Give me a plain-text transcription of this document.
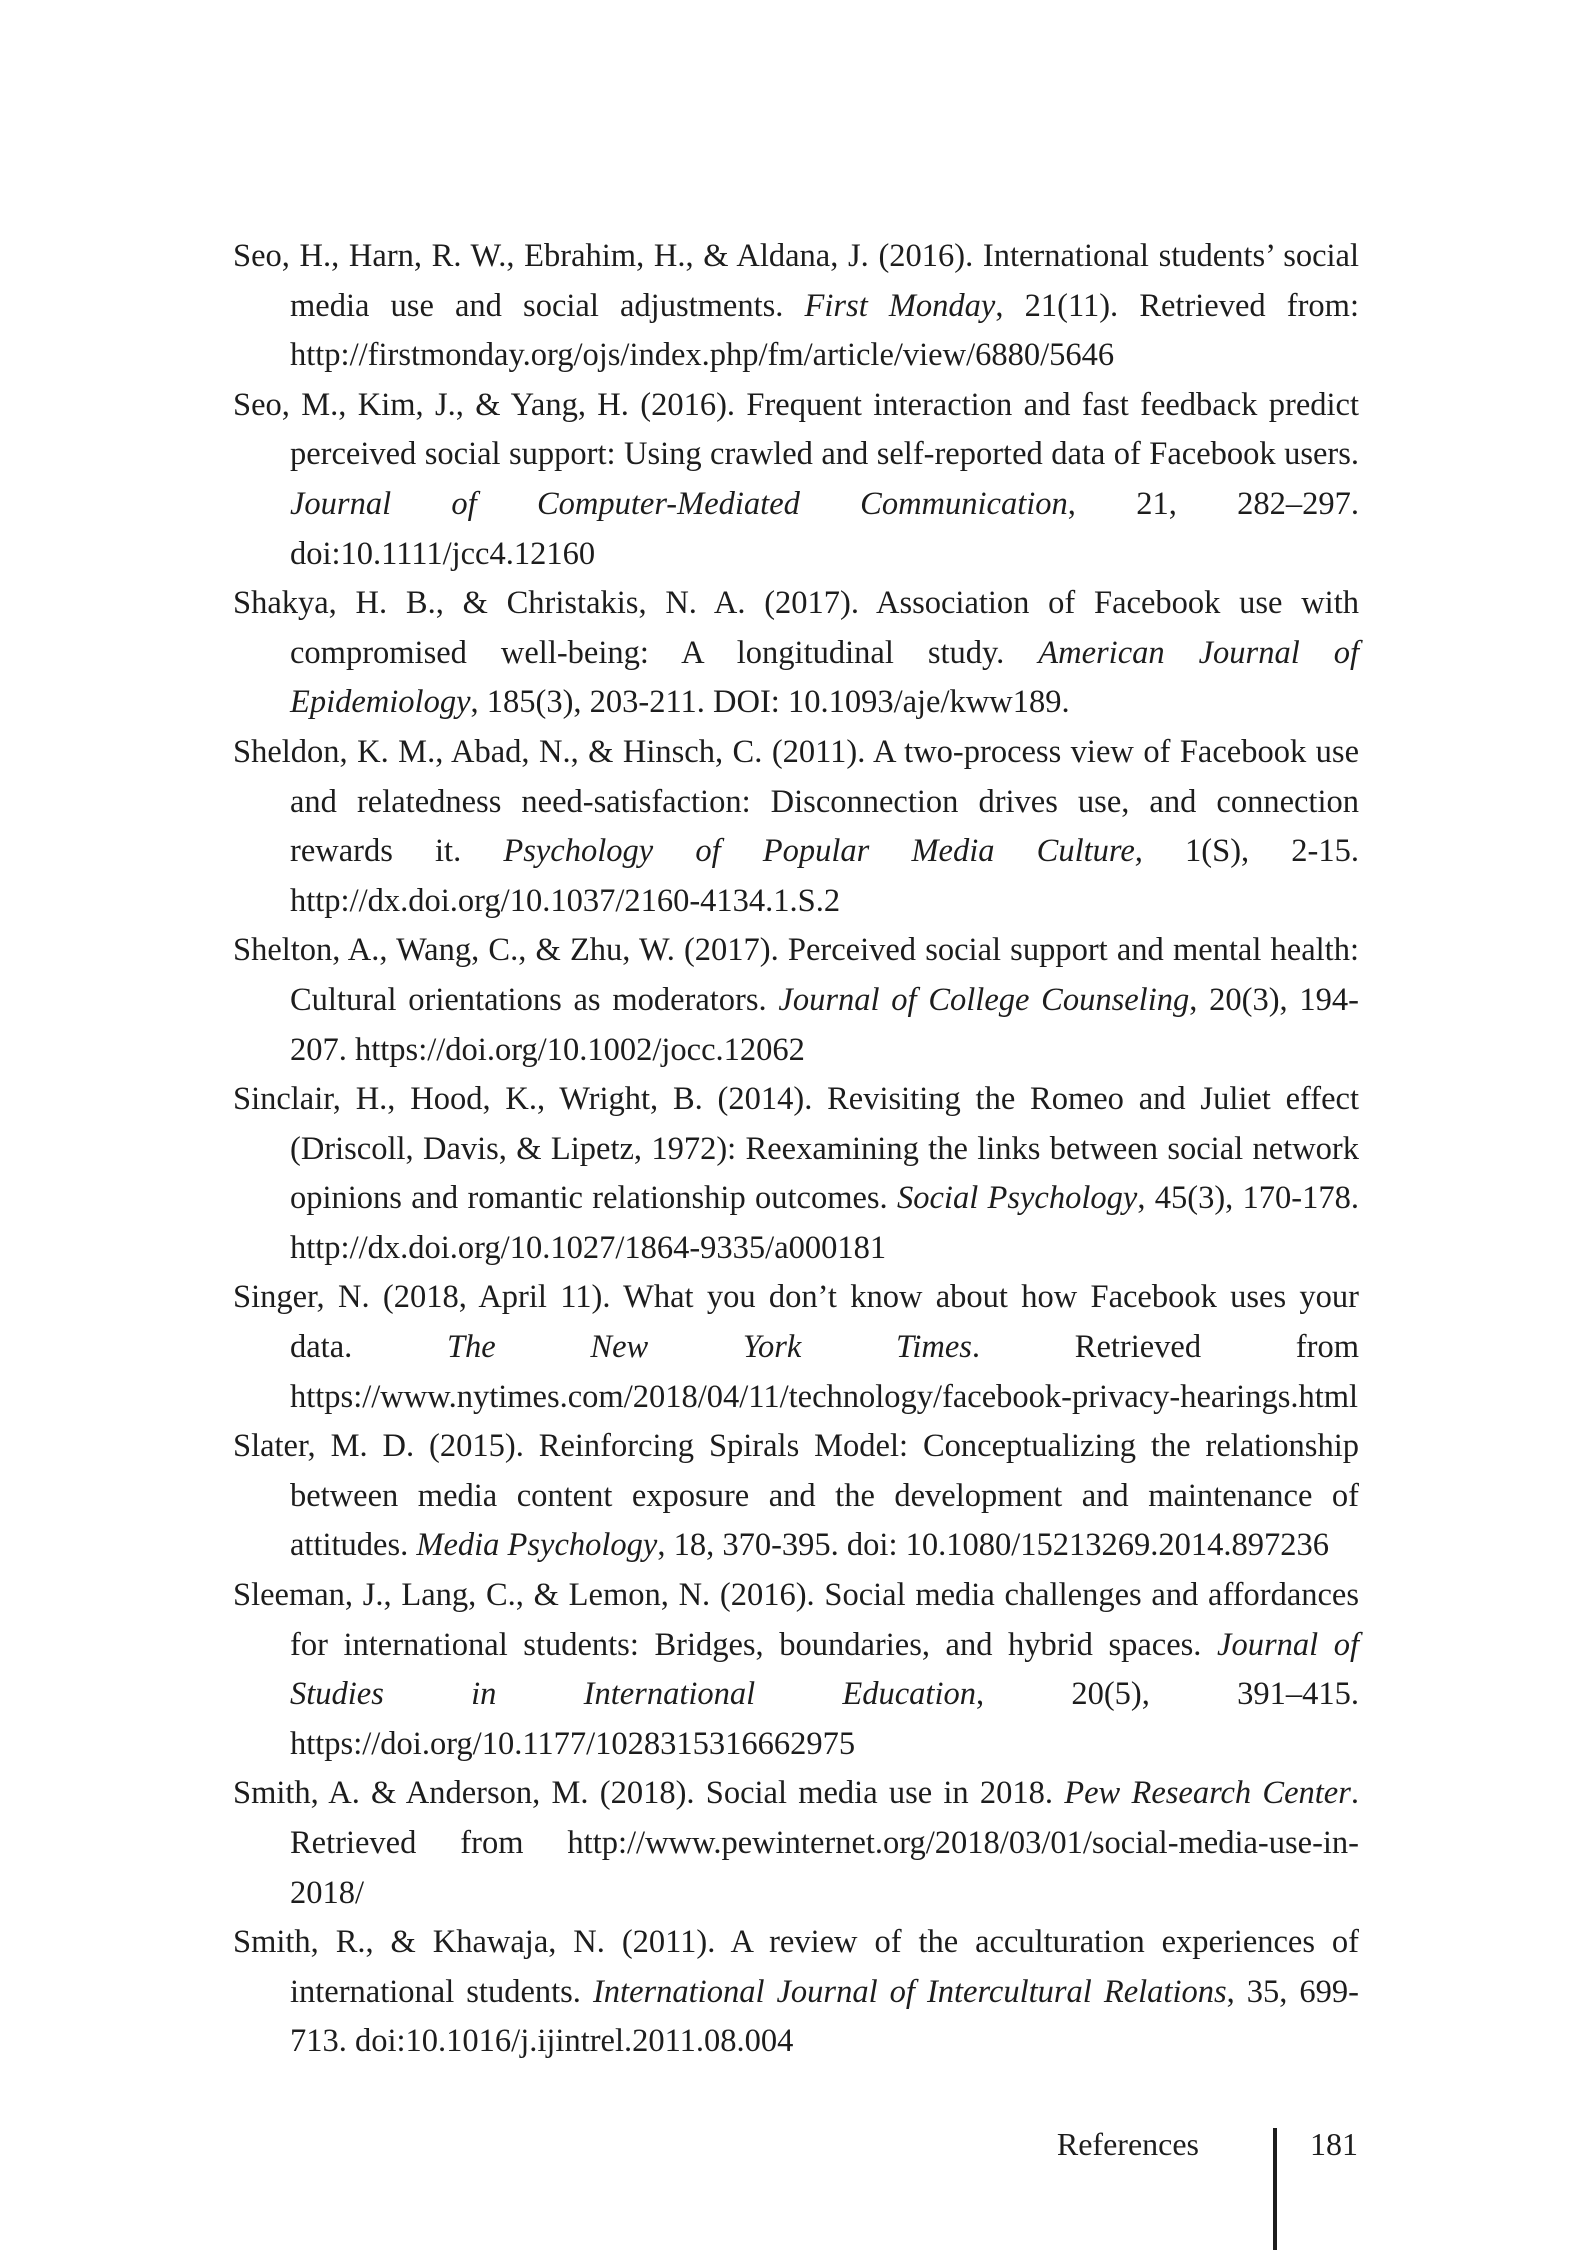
Seo, H., Harn, R. W., Ebrahim, H., & Aldana, J. (2016). International students’ social media use and social adjustments. First Monday, 21(11). Retrieved from: http://firstmonday.org/ojs/index.php/fm/article/view/6880/5646
Seo, M., Kim, J., & Yang, H. (2016). Frequent interaction and fast feedback predict perceived social support: Using crawled and self-reported data of Facebook users. Journal of Computer-Mediated Communication, 21, 282–297. doi:10.1111/jcc4.12160
Shakya, H. B., & Christakis, N. A. (2017). Association of Facebook use with compromised well-being: A longitudinal study. American Journal of Epidemiology, 185(3), 203-211. DOI: 10.1093/aje/kww189.
Sheldon, K. M., Abad, N., & Hinsch, C. (2011). A two-process view of Facebook use and relatedness need-satisfaction: Disconnection drives use, and connection rewards it. Psychology of Popular Media Culture, 1(S), 2-15. http://dx.doi.org/10.1037/2160-4134.1.S.2
Shelton, A., Wang, C., & Zhu, W. (2017). Perceived social support and mental health: Cultural orientations as moderators. Journal of College Counseling, 20(3), 194-207. https://doi.org/10.1002/jocc.12062
Sinclair, H., Hood, K., Wright, B. (2014). Revisiting the Romeo and Juliet effect (Driscoll, Davis, & Lipetz, 1972): Reexamining the links between social network opinions and romantic relationship outcomes. Social Psychology, 45(3), 170-178. http://dx.doi.org/10.1027/1864-9335/a000181
Singer, N. (2018, April 11). What you don’t know about how Facebook uses your data. The New York Times. Retrieved from https://www.nytimes.com/2018/04/11/technology/facebook-privacy-hearings.html
Slater, M. D. (2015). Reinforcing Spirals Model: Conceptualizing the relationship between media content exposure and the development and maintenance of attitudes. Media Psychology, 18, 370-395. doi: 10.1080/15213269.2014.897236
Sleeman, J., Lang, C., & Lemon, N. (2016). Social media challenges and affordances for international students: Bridges, boundaries, and hybrid spaces. Journal of Studies in International Education, 20(5), 391–415. https://doi.org/10.1177/1028315316662975
Smith, A. & Anderson, M. (2018). Social media use in 2018. Pew Research Center. Retrieved from http://www.pewinternet.org/2018/03/01/social-media-use-in-2018/
Smith, R., & Khawaja, N. (2011). A review of the acculturation experiences of international students. International Journal of Intercultural Relations, 35, 699-713. doi:10.1016/j.ijintrel.2011.08.004
References	181
